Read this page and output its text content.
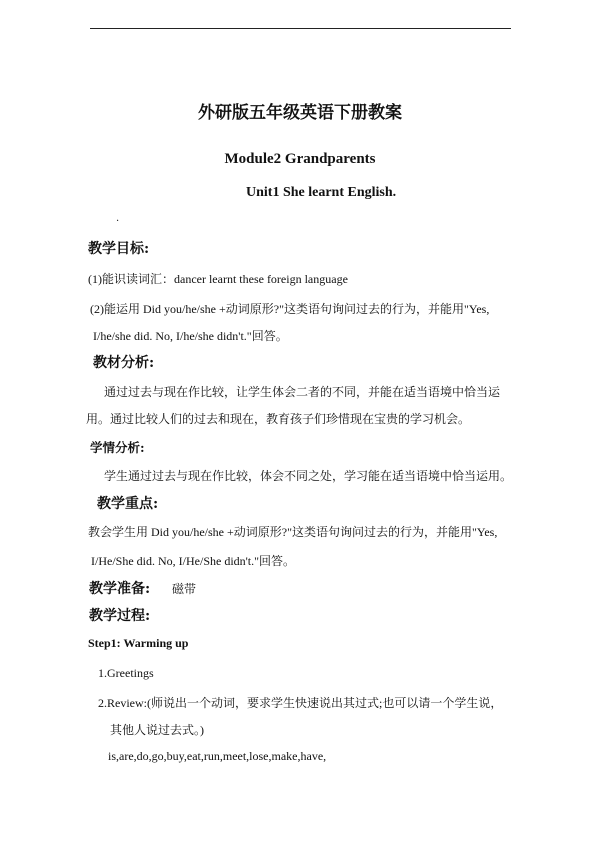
外研版五年级英语下册教案
Module2 Grandparents
Unit1 She learnt English.
.
教学目标:
(1)能识读词汇：dancer learnt these foreign language
(2)能运用 Did you/he/she +动词原形?"这类语句询问过去的行为，并能用"Yes,
I/he/she did. No, I/he/she didn't."回答。
教材分析:
通过过去与现在作比较，让学生体会二者的不同，并能在适当语境中恰当运
用。通过比较人们的过去和现在，教育孩子们珍惜现在宝贵的学习机会。
学情分析:
学生通过过去与现在作比较，体会不同之处，学习能在适当语境中恰当运用。
教学重点:
教会学生用 Did you/he/she +动词原形?"这类语句询问过去的行为，并能用"Yes,
I/He/She did. No, I/He/She didn't."回答。
教学准备: 磁带
教学过程:
Step1: Warming up
1.Greetings
2.Review:(师说出一个动词，要求学生快速说出其过式;也可以请一个学生说，
其他人说过去式。)
is,are,do,go,buy,eat,run,meet,lose,make,have,
